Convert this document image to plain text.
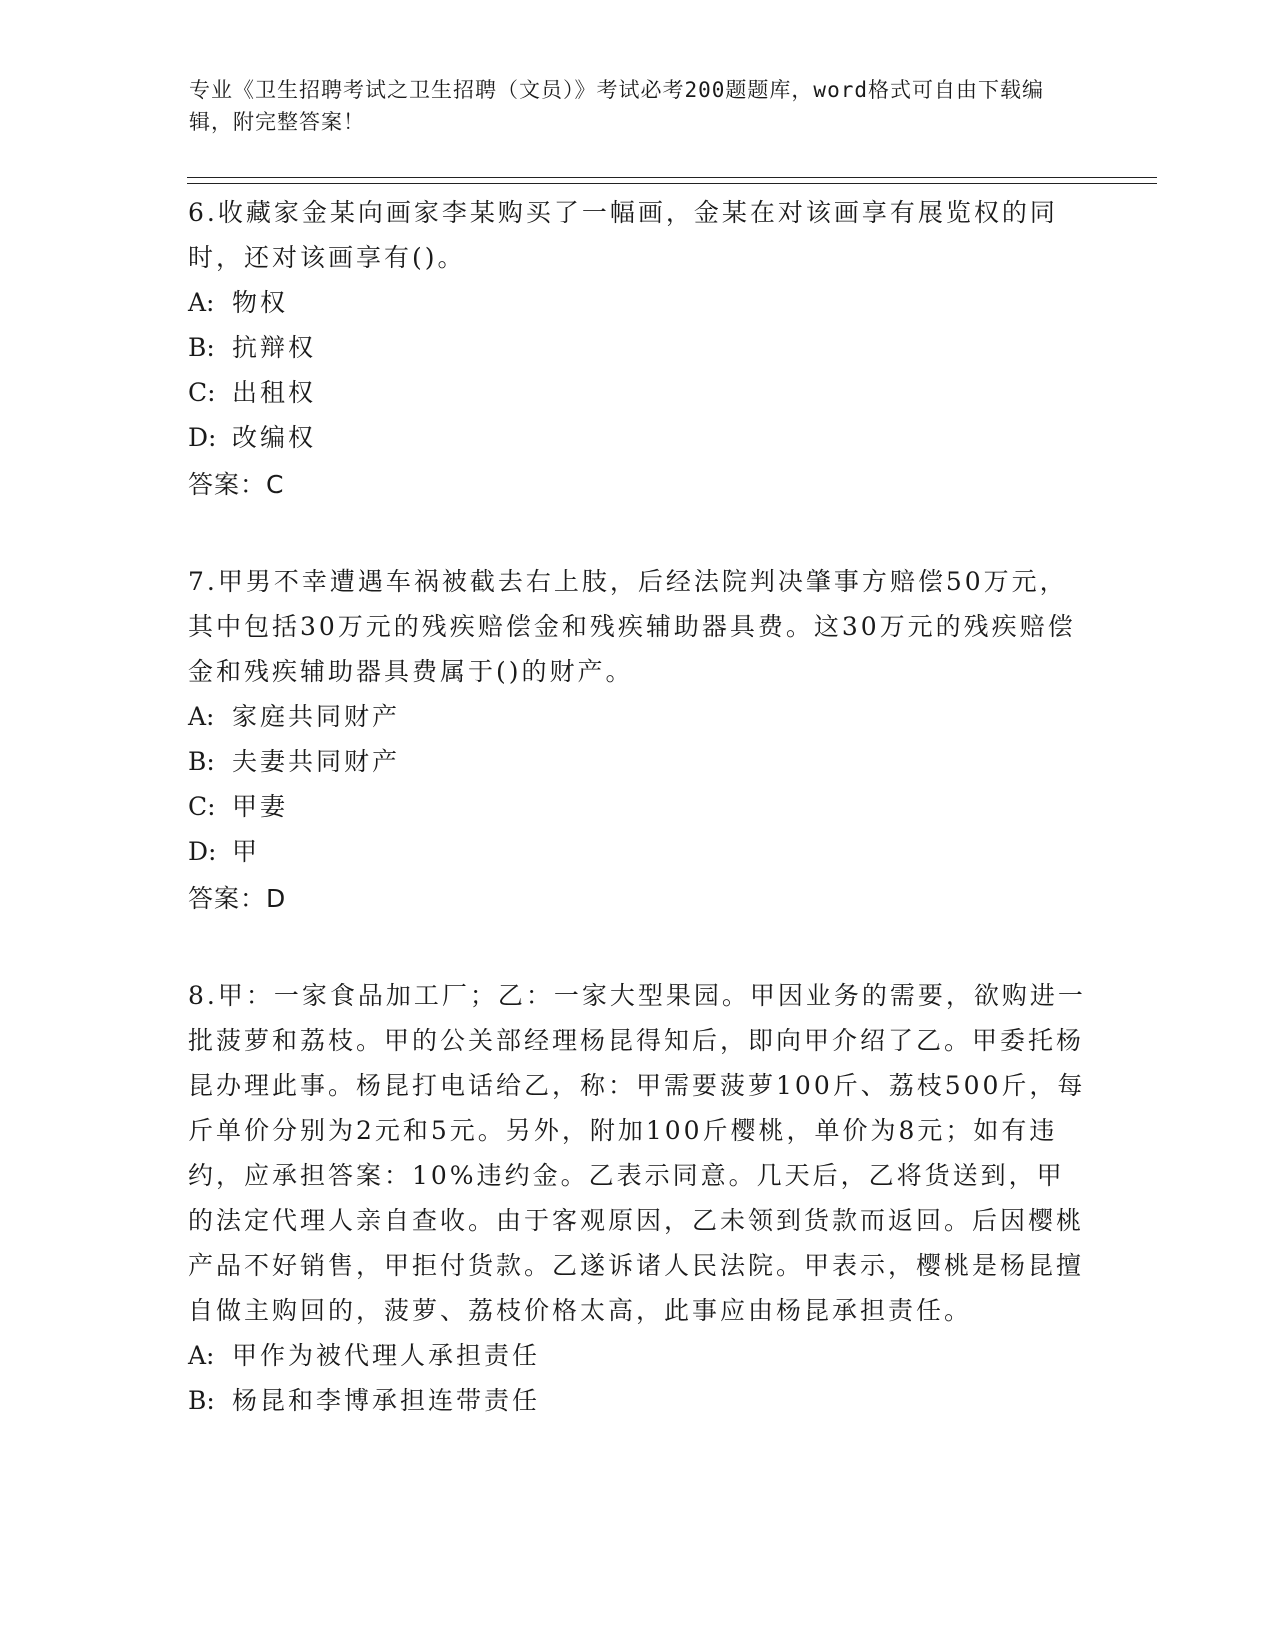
专业《卫生招聘考试之卫生招聘（文员）》考试必考200题题库，word格式可自由下载编辑，附完整答案！

6.收藏家金某向画家李某购买了一幅画，金某在对该画享有展览权的同时，还对该画享有()。

A: 物权
B: 抗辩权
C: 出租权
D: 改编权
答案：C

7.甲男不幸遭遇车祸被截去右上肢，后经法院判决肇事方赔偿50万元，其中包括30万元的残疾赔偿金和残疾辅助器具费。这30万元的残疾赔偿金和残疾辅助器具费属于()的财产。

A: 家庭共同财产
B: 夫妻共同财产
C: 甲妻
D: 甲
答案：D

8.甲：一家食品加工厂；乙：一家大型果园。甲因业务的需要，欲购进一批菠萝和荔枝。甲的公关部经理杨昆得知后，即向甲介绍了乙。甲委托杨昆办理此事。杨昆打电话给乙，称：甲需要菠萝100斤、荔枝500斤，每斤单价分别为2元和5元。另外，附加100斤樱桃，单价为8元；如有违约，应承担答案：10%违约金。乙表示同意。几天后，乙将货送到，甲的法定代理人亲自查收。由于客观原因，乙未领到货款而返回。后因樱桃产品不好销售，甲拒付货款。乙遂诉诸人民法院。甲表示，樱桃是杨昆擅自做主购回的，菠萝、荔枝价格太高，此事应由杨昆承担责任。

A: 甲作为被代理人承担责任
B: 杨昆和李博承担连带责任
